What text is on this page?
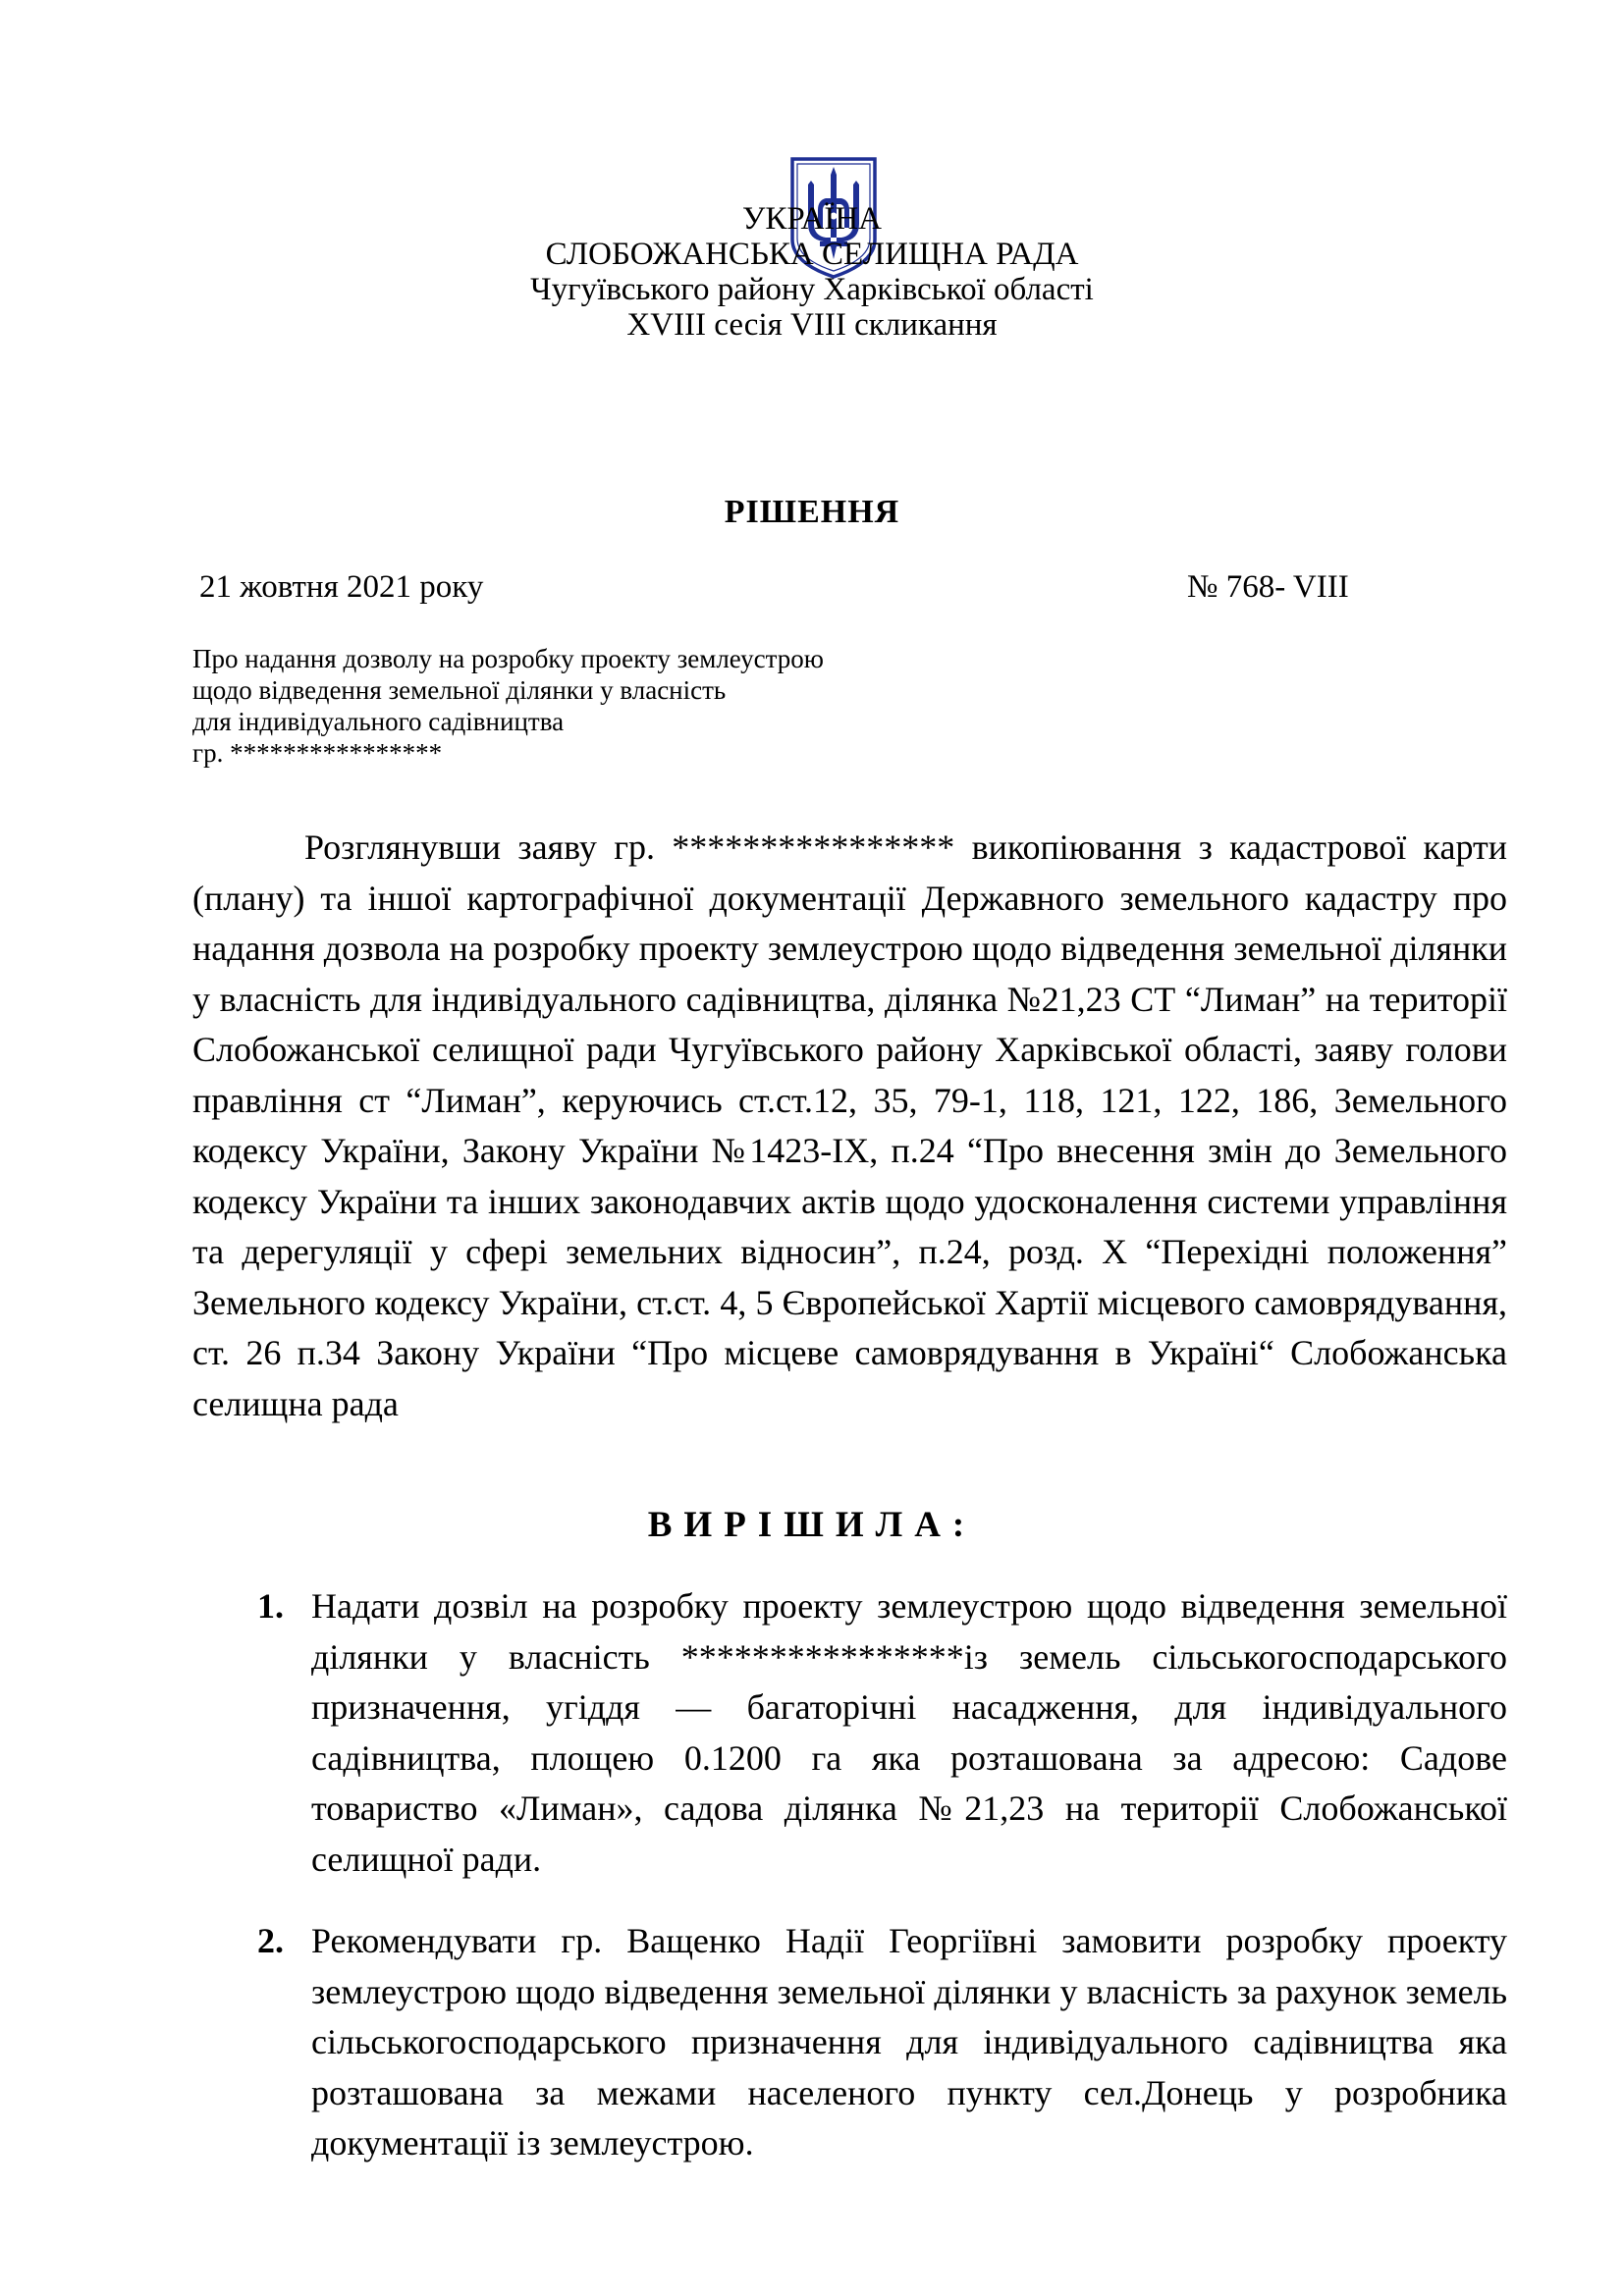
УКРАЇНА
СЛОБОЖАНСЬКА СЕЛИЩНА РАДА
Чугуївського району Харківської області
XVIII сесія VIII скликання
РІШЕННЯ
21 жовтня 2021 року	№ 768- VIII
Про надання дозволу на розробку проекту землеустрою
щодо відведення земельної ділянки у власність
для індивідуального садівництва
гр. ****************
Розглянувши заяву гр. **************** викопіювання з кадастрової карти (плану) та іншої картографічної документації Державного земельного кадастру про надання дозвола на розробку проекту землеустрою щодо відведення земельної ділянки у власність для індивідуального садівництва, ділянка №21,23 СТ “Лиман” на території Слобожанської селищної ради Чугуївського району Харківської області, заяву голови правління ст “Лиман”, керуючись ст.ст.12, 35, 79-1, 118, 121, 122, 186, Земельного кодексу України, Закону України №1423-IX, п.24 “Про внесення змін до Земельного кодексу України та інших законодавчих актів щодо удосконалення системи управління та дерегуляції у сфері земельних відносин”, п.24, розд. Х “Перехідні положення” Земельного кодексу України, ст.ст. 4, 5 Європейської Хартії місцевого самоврядування, ст. 26 п.34 Закону України “Про місцеве самоврядування в Україні“ Слобожанська селищна рада
ВИРІШИЛА:
1. Надати дозвіл на розробку проекту землеустрою щодо відведення земельної ділянки у власність ****************із земель сільськогосподарського призначення, угіддя — багаторічні насадження, для індивідуального садівництва, площею 0.1200 га яка розташована за адресою: Садове товариство «Лиман», садова ділянка №21,23 на території Слобожанської селищної ради.
2. Рекомендувати гр. Ващенко Надії Георгіївні замовити розробку проекту землеустрою щодо відведення земельної ділянки у власність за рахунок земель сільськогосподарського призначення для індивідуального садівництва яка розташована за межами населеного пункту сел.Донець у розробника документації із землеустрою.
